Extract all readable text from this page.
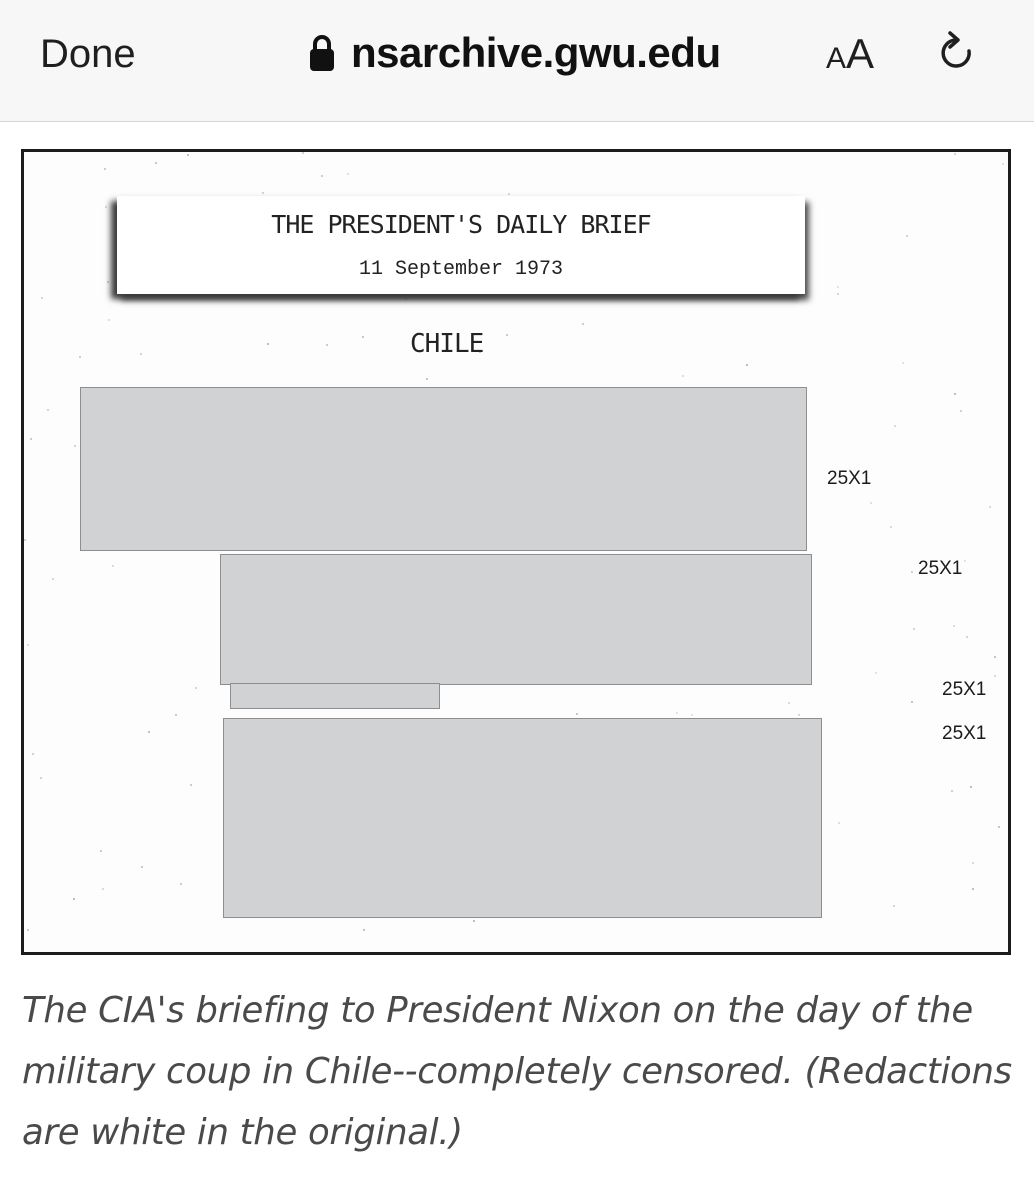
Done	nsarchive.gwu.edu	AA
THE PRESIDENT'S DAILY BRIEF
11 September 1973
CHILE
25X1
25X1
25X1
25X1
The CIA's briefing to President Nixon on the day of the military coup in Chile--completely censored. (Redactions are white in the original.)
